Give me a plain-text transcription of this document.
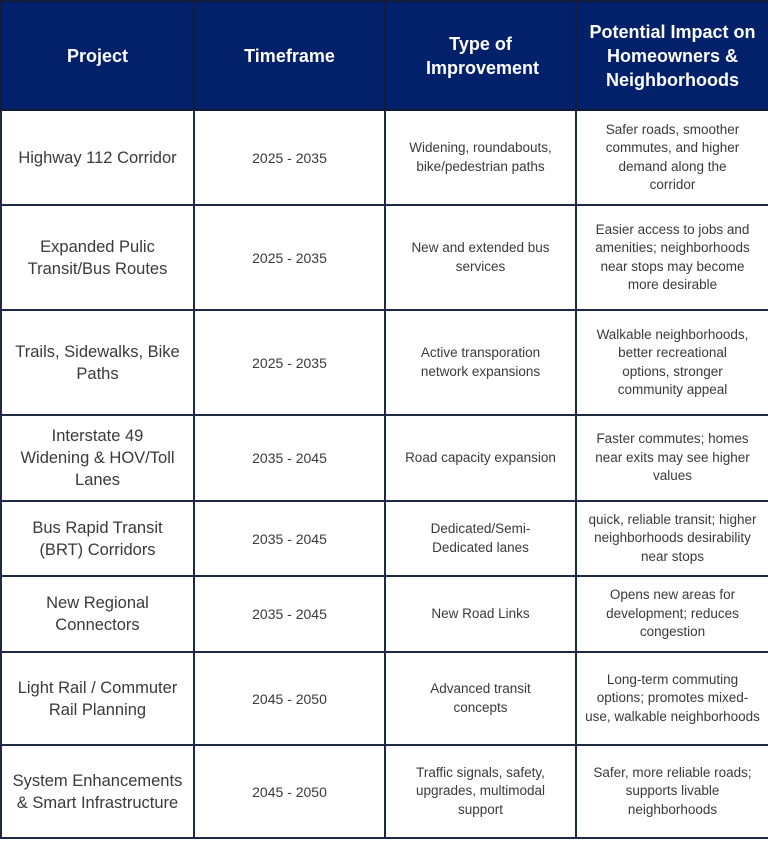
Project	Timeframe	Type of Improvement	Potential Impact on Homeowners & Neighborhoods
Highway 112 Corridor	2025 - 2035	Widening, roundabouts, bike/pedestrian paths	Safer roads, smoother commutes, and higher demand along the corridor
Expanded Pulic Transit/Bus Routes	2025 - 2035	New and extended bus services	Easier access to jobs and amenities; neighborhoods near stops may become more desirable
Trails, Sidewalks, Bike Paths	2025 - 2035	Active transporation network expansions	Walkable neighborhoods, better recreational options, stronger community appeal
Interstate 49 Widening & HOV/Toll Lanes	2035 - 2045	Road capacity expansion	Faster commutes; homes near exits may see higher values
Bus Rapid Transit (BRT) Corridors	2035 - 2045	Dedicated/Semi-Dedicated lanes	quick, reliable transit; higher neighborhoods desirability near stops
New Regional Connectors	2035 - 2045	New Road Links	Opens new areas for development; reduces congestion
Light Rail / Commuter Rail Planning	2045 - 2050	Advanced transit concepts	Long-term commuting options; promotes mixed-use, walkable neighborhoods
System Enhancements & Smart Infrastructure	2045 - 2050	Traffic signals, safety, upgrades, multimodal support	Safer, more reliable roads; supports livable neighborhoods
